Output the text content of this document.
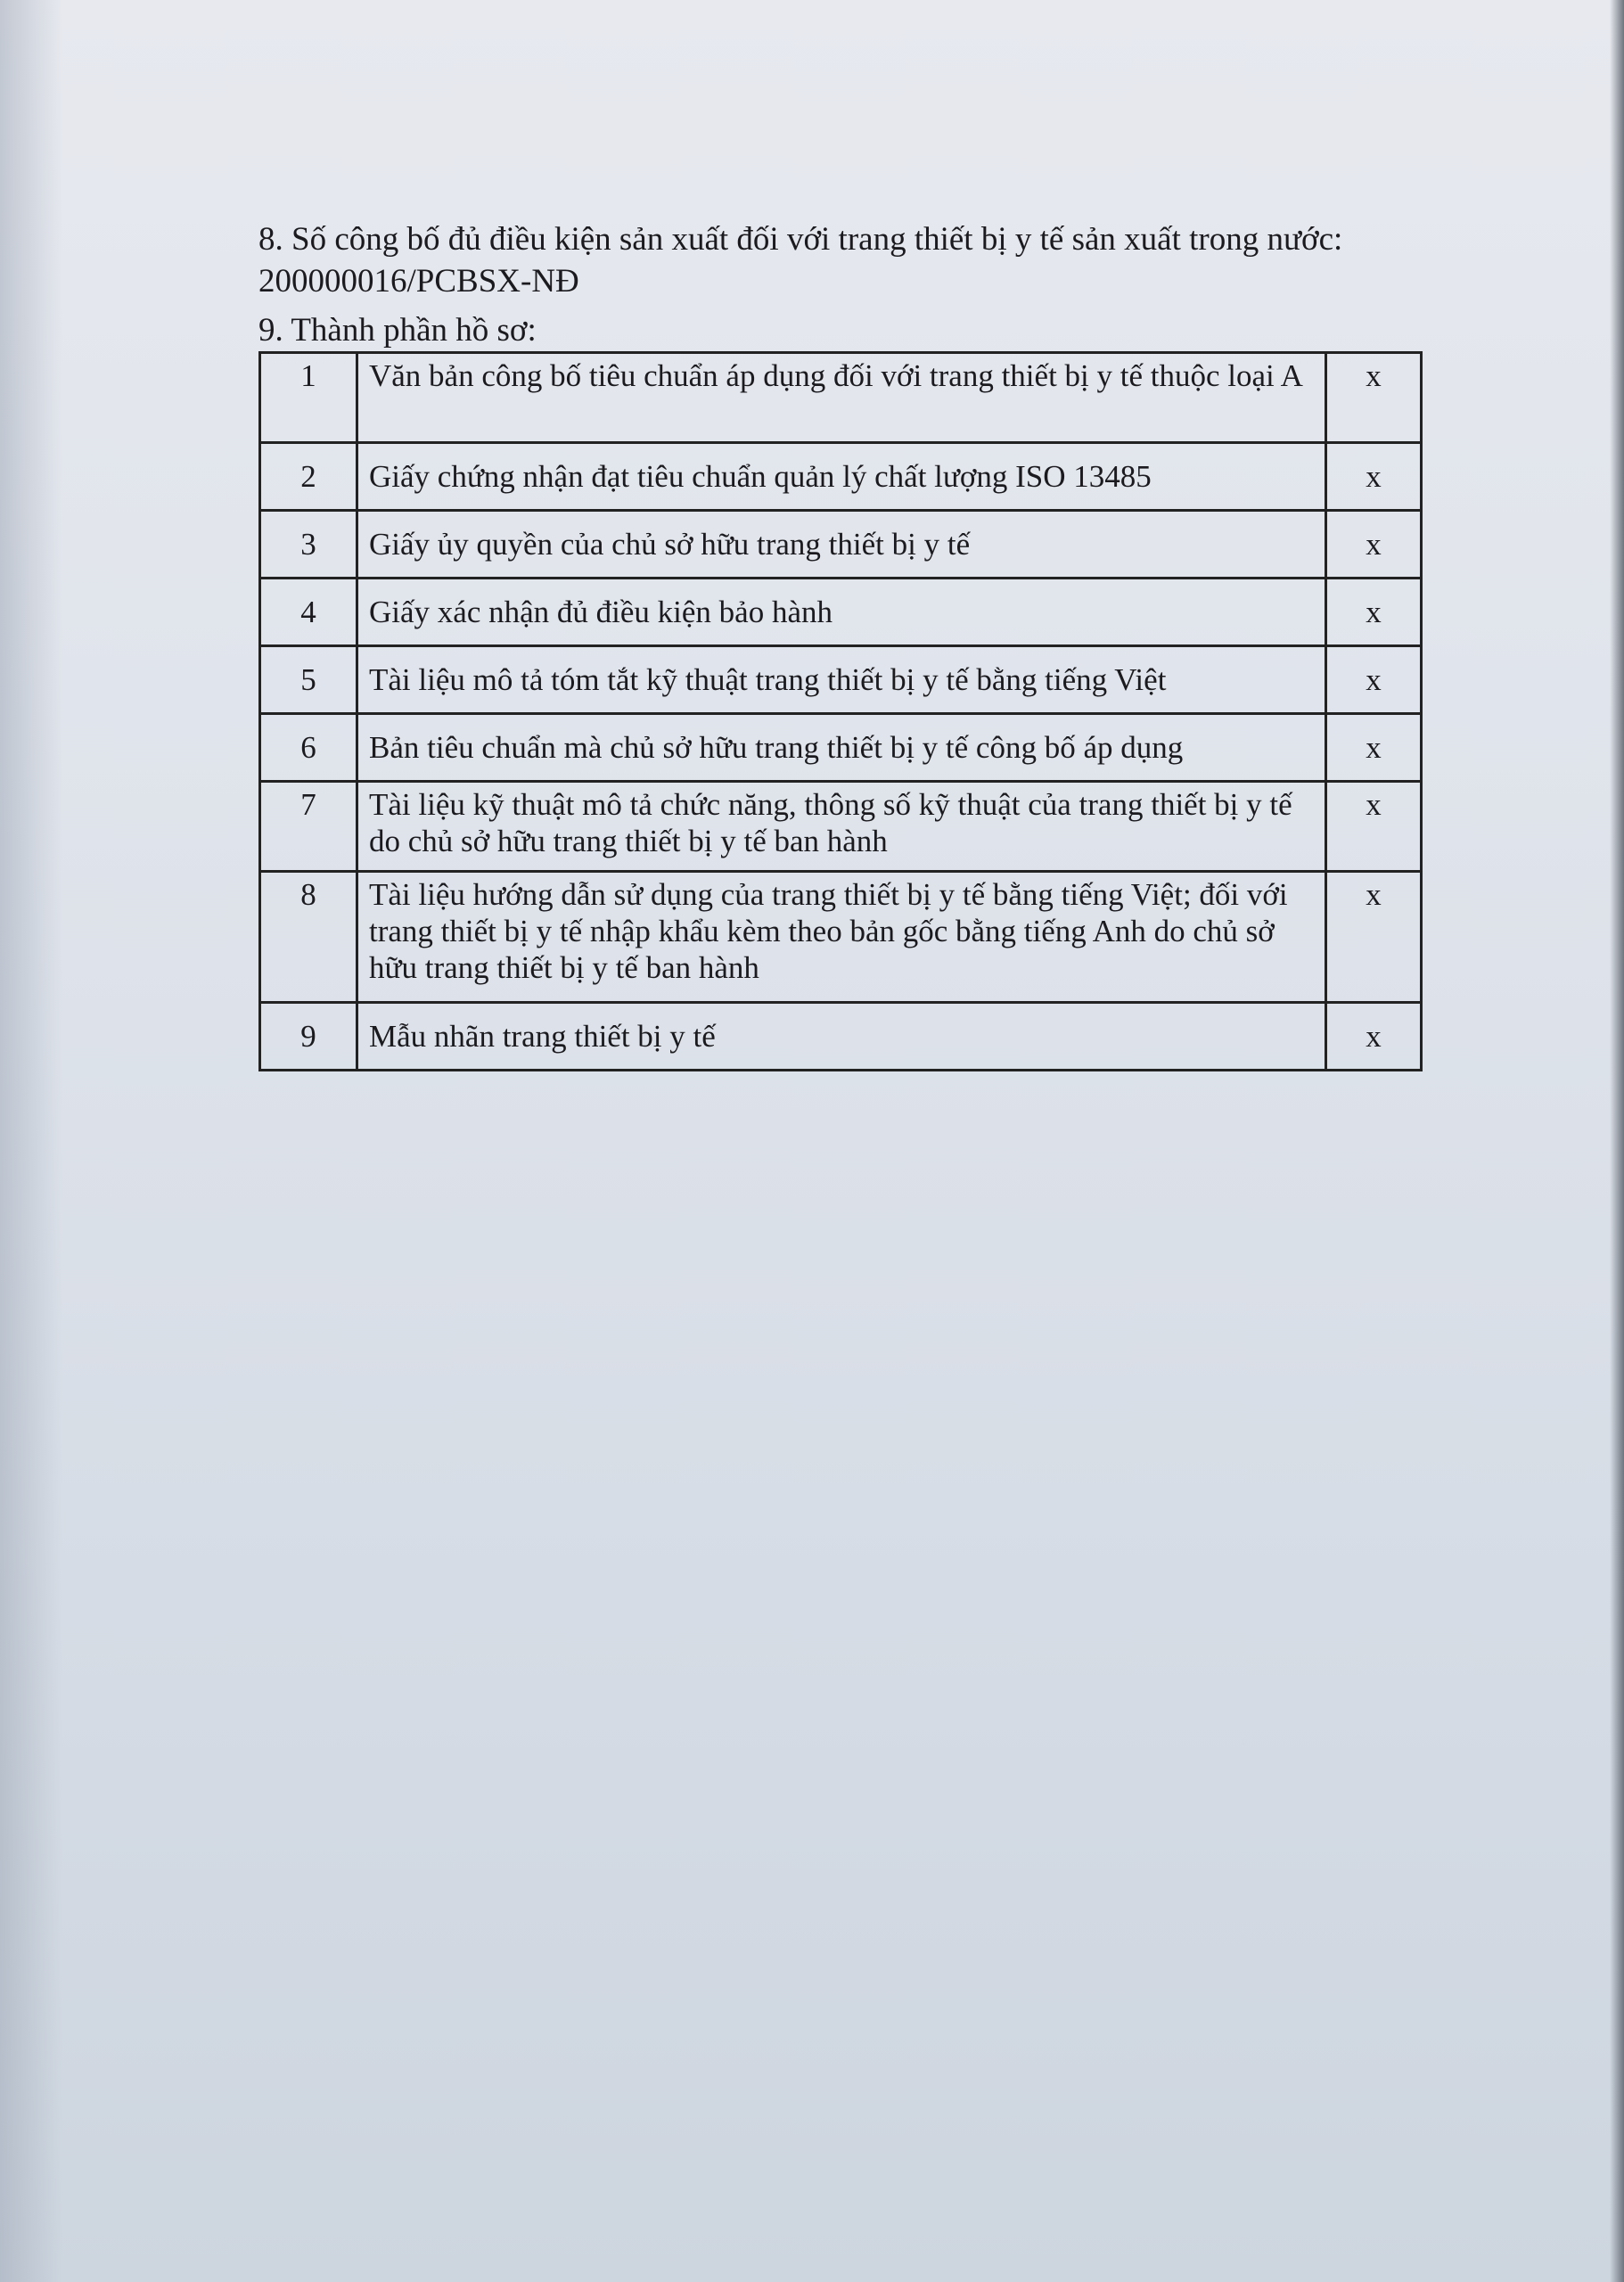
8. Số công bố đủ điều kiện sản xuất đối với trang thiết bị y tế sản xuất trong nước: 200000016/PCBSX-NĐ

9. Thành phần hồ sơ:

1	Văn bản công bố tiêu chuẩn áp dụng đối với trang thiết bị y tế thuộc loại A	x
2	Giấy chứng nhận đạt tiêu chuẩn quản lý chất lượng ISO 13485	x
3	Giấy ủy quyền của chủ sở hữu trang thiết bị y tế	x
4	Giấy xác nhận đủ điều kiện bảo hành	x
5	Tài liệu mô tả tóm tắt kỹ thuật trang thiết bị y tế bằng tiếng Việt	x
6	Bản tiêu chuẩn mà chủ sở hữu trang thiết bị y tế công bố áp dụng	x
7	Tài liệu kỹ thuật mô tả chức năng, thông số kỹ thuật của trang thiết bị y tế do chủ sở hữu trang thiết bị y tế ban hành	x
8	Tài liệu hướng dẫn sử dụng của trang thiết bị y tế bằng tiếng Việt; đối với trang thiết bị y tế nhập khẩu kèm theo bản gốc bằng tiếng Anh do chủ sở hữu trang thiết bị y tế ban hành	x
9	Mẫu nhãn trang thiết bị y tế	x
